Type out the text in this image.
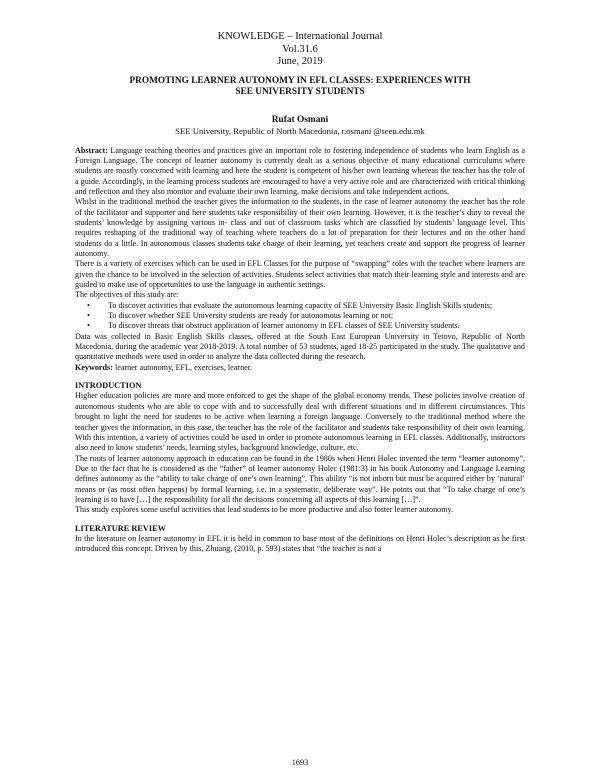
KNOWLEDGE – International Journal
Vol.31.6
June, 2019
PROMOTING LEARNER AUTONOMY IN EFL CLASSES: EXPERIENCES WITH
SEE UNIVERSITY STUDENTS
Rufat Osmani
SEE University, Republic of North Macedonia, r.osmani @seeu.edu.mk

Abstract: Language teaching theories and practices give an important role to fostering independence of students who learn English as a Foreign Language. The concept of learner autonomy is currently dealt as a serious objective of many educational curriculums where students are mostly concerned with learning and here the student is competent of his/her own learning whereas the teacher has the role of a guide. Accordingly, in the learning process students are encouraged to have a very active role and are characterized with critical thinking and reflection and they also monitor and evaluate their own learning, make decisions and take independent actions.

Whilst in the traditional method the teacher gives the information to the students, in the case of learner autonomy the teacher has the role of the facilitator and supporter and here students take responsibility of their own learning. However, it is the teacher’s duty to reveal the students’ knowledge by assigning various in- class and out of classroom tasks which are classified by students’ language level. This requires reshaping of the traditional way of teaching where teachers do a lot of preparation for their lectures and on the other hand students do a little. In autonomous classes students take charge of their learning, yet teachers create and support the progress of learner autonomy.

There is a variety of exercises which can be used in EFL Classes for the purpose of “swapping” roles with the teacher where learners are given the chance to be involved in the selection of activities. Students select activities that match their learning style and interests and are guided to make use of opportunities to use the language in authentic settings.

The objectives of this study are:

• To discover activities that evaluate the autonomous learning capacity of SEE University Basic English Skills students;
• To discover whether SEE University students are ready for autonomous learning or not;
• To discover threats that obstruct application of learner autonomy in EFL classes of SEE University students.

Data was collected in Basic English Skills classes, offered at the South East European University in Tetovo, Republic of North Macedonia, during the academic year 2018-2019. A total number of 53 students, aged 18-25 participated in the study. The qualitative and quantitative methods were used in order to analyze the data collected during the research.

Keywords: learner autonomy, EFL, exercises, learner.

INTRODUCTION

Higher education policies are more and more enforced to get the shape of the global economy trends. These policies involve creation of autonomous students who are able to cope with and to successfully deal with different situations and in different circumstances. This brought to light the need for students to be active when learning a foreign language. Conversely to the traditional method where the teacher gives the information, in this case, the teacher has the role of the facilitator and students take responsibility of their own learning. With this intention, a variety of activities could be used in order to promote autonomous learning in EFL classes. Additionally, instructors also need to know students’ needs, learning styles, background knowledge, culture, etc.

The roots of learner autonomy approach in education can be found in the 1980s when Henri Holec invented the term “learner autonomy”. Due to the fact that he is considered as the “father” of learner autonomy Holec (1981:3) in his book Autonomy and Language Learning defines autonomy as the “ability to take charge of one’s own learning”. This ability “is not inborn but must be acquired either by ‘natural’ means or (as most often happens) by formal learning, i.e. in a systematic, deliberate way”. He points out that “To take charge of one’s learning is to have […] the responsibility for all the decisions concerning all aspects of this learning […]”.

This study explores some useful activities that lead students to be more productive and also foster learner autonomy.

LITERATURE REVIEW

In the literature on learner autonomy in EFL it is held in common to base most of the definitions on Henri Holec’s description as he first introduced this concept. Driven by this, Zhuang, (2010, p. 593) states that “the teacher is not a

1693
